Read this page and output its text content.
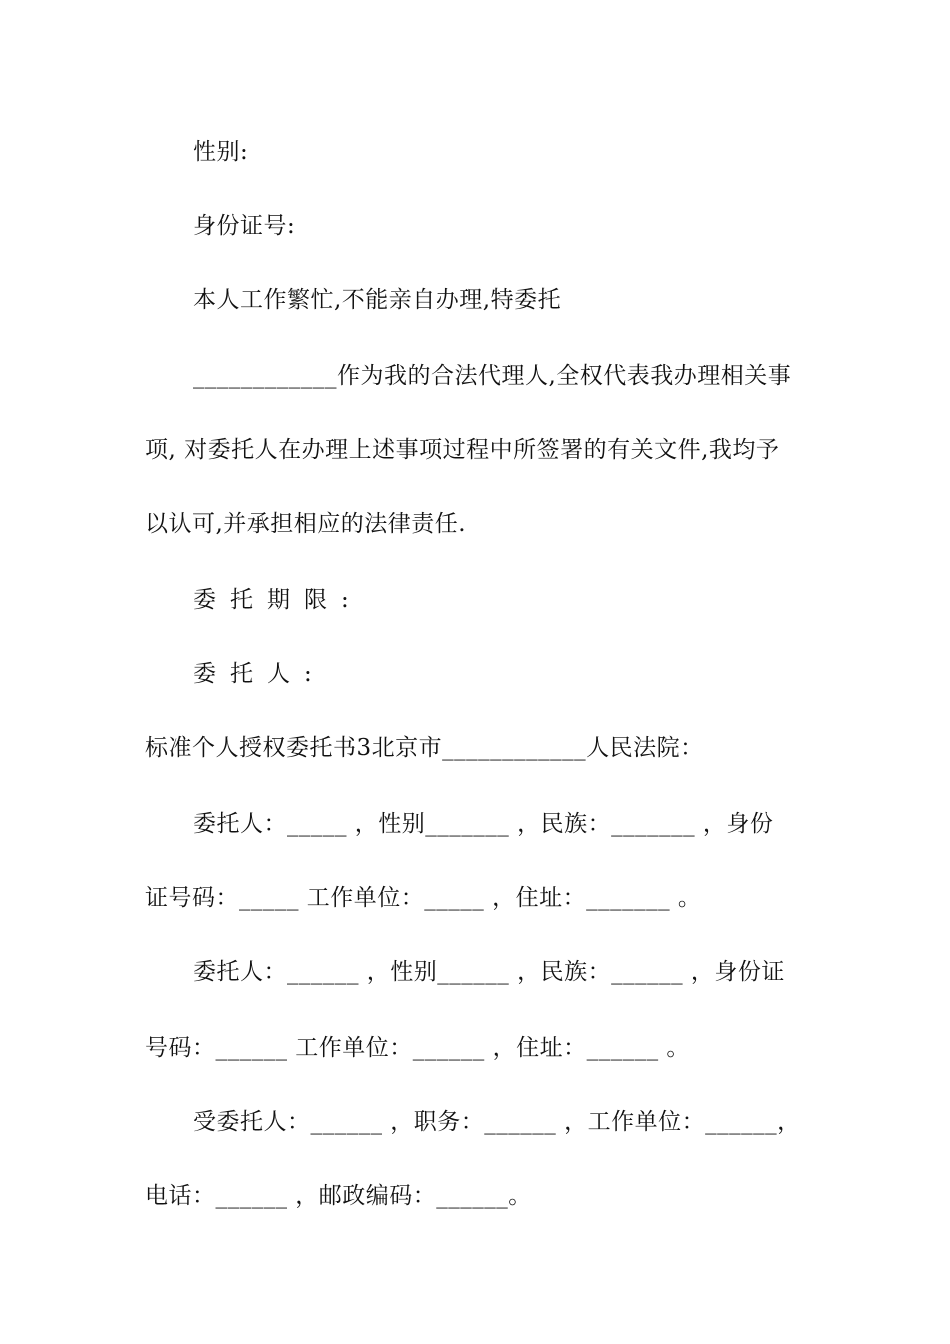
性别:
身份证号:
本人工作繁忙,不能亲自办理,特委托
____________作为我的合法代理人,全权代表我办理相关事
项, 对委托人在办理上述事项过程中所签署的有关文件,我均予
以认可,并承担相应的法律责任.
委托期限:
委托人:
标准个人授权委托书3北京市____________人民法院：
委托人：_____ ，性别_______ ，民族：_______ ，身份
证号码：_____ 工作单位：_____ ，住址：_______ 。
委托人：______ ，性别______ ，民族：______ ，身份证
号码：______ 工作单位：______ ，住址：______ 。
受委托人：______ ，职务：______ ，工作单位：______，
电话：______ ，邮政编码：______。
